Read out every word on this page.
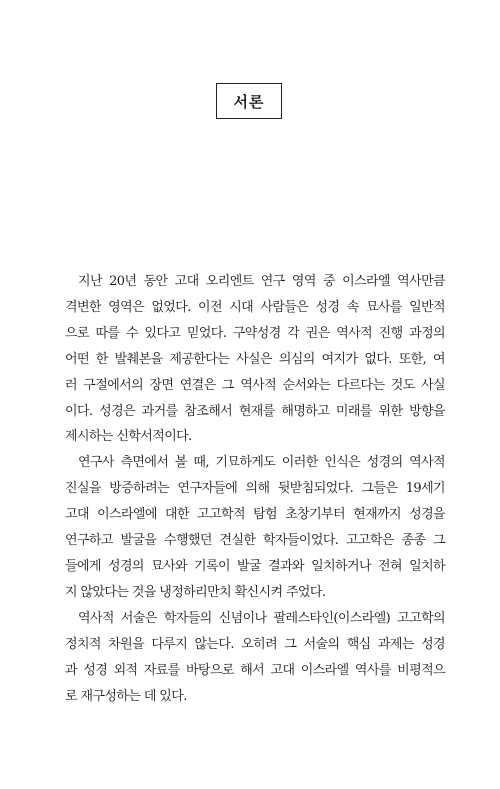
서론
지난 20년 동안 고대 오리엔트 연구 영역 중 이스라엘 역사만큼
격변한 영역은 없었다. 이전 시대 사람들은 성경 속 묘사를 일반적
으로 따를 수 있다고 믿었다. 구약성경 각 권은 역사적 진행 과정의
어떤 한 발췌본을 제공한다는 사실은 의심의 여지가 없다. 또한, 여
러 구절에서의 장면 연결은 그 역사적 순서와는 다르다는 것도 사실
이다. 성경은 과거를 참조해서 현재를 해명하고 미래를 위한 방향을
제시하는 신학서적이다.
연구사 측면에서 볼 때, 기묘하게도 이러한 인식은 성경의 역사적
진실을 방증하려는 연구자들에 의해 뒷받침되었다. 그들은 19세기
고대 이스라엘에 대한 고고학적 탐험 초창기부터 현재까지 성경을
연구하고 발굴을 수행했던 견실한 학자들이었다. 고고학은 종종 그
들에게 성경의 묘사와 기록이 발굴 결과와 일치하거나 전혀 일치하
지 않았다는 것을 냉정하리만치 확신시켜 주었다.
역사적 서술은 학자들의 신념이나 팔레스타인(이스라엘) 고고학의
정치적 차원을 다루지 않는다. 오히려 그 서술의 핵심 과제는 성경
과 성경 외적 자료를 바탕으로 해서 고대 이스라엘 역사를 비평적으
로 재구성하는 데 있다.
